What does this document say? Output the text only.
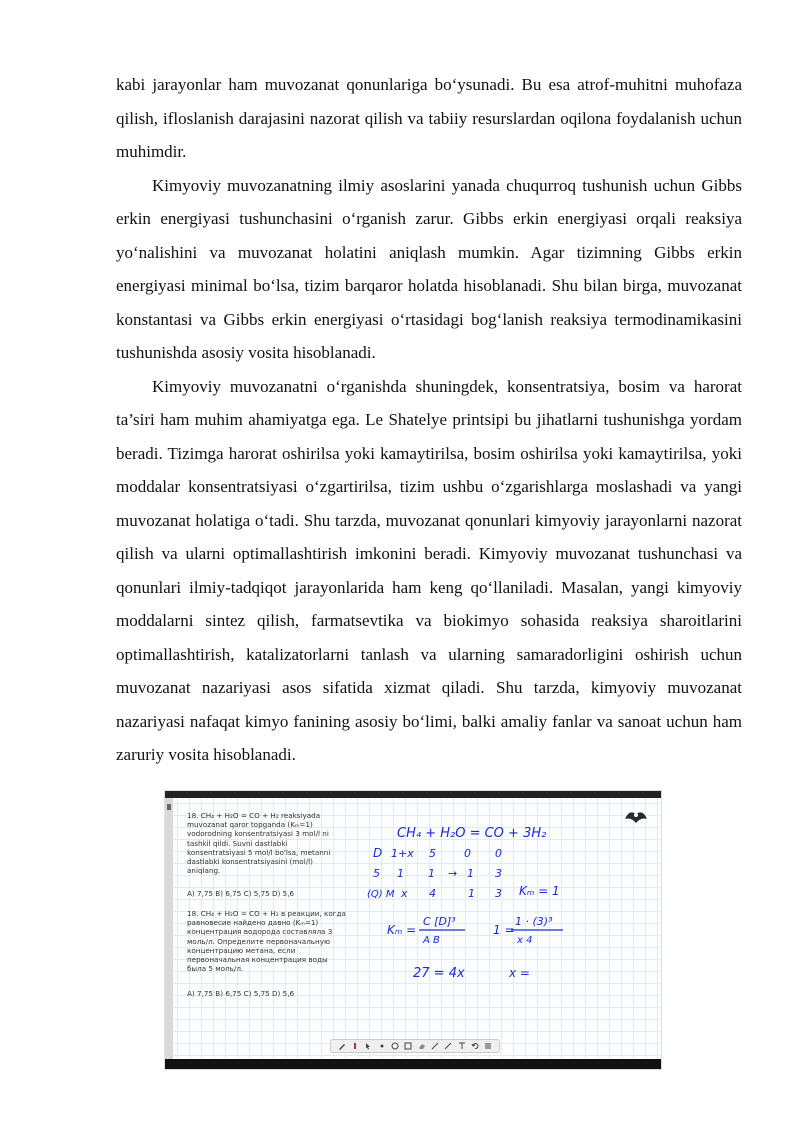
kabi jarayonlar ham muvozanat qonunlariga bo‘ysunadi. Bu esa atrof-muhitni muhofaza qilish, ifloslanish darajasini nazorat qilish va tabiiy resurslardan oqilona foydalanish uchun muhimdir.

Kimyoviy muvozanatning ilmiy asoslarini yanada chuqurroq tushunish uchun Gibbs erkin energiyasi tushunchasini o‘rganish zarur. Gibbs erkin energiyasi orqali reaksiya yo‘nalishini va muvozanat holatini aniqlash mumkin. Agar tizimning Gibbs erkin energiyasi minimal bo‘lsa, tizim barqaror holatda hisoblanadi. Shu bilan birga, muvozanat konstantasi va Gibbs erkin energiyasi o‘rtasidagi bog‘lanish reaksiya termodinamikasini tushunishda asosiy vosita hisoblanadi.

Kimyoviy muvozanatni o‘rganishda shuningdek, konsentratsiya, bosim va harorat ta’siri ham muhim ahamiyatga ega. Le Shatelye printsipi bu jihatlarni tushunishga yordam beradi. Tizimga harorat oshirilsa yoki kamaytirilsa, bosim oshirilsa yoki kamaytirilsa, yoki moddalar konsentratsiyasi o‘zgartirilsa, tizim ushbu o‘zgarishlarga moslashadi va yangi muvozanat holatiga o‘tadi. Shu tarzda, muvozanat qonunlari kimyoviy jarayonlarni nazorat qilish va ularni optimallashtirish imkonini beradi. Kimyoviy muvozanat tushunchasi va qonunlari ilmiy-tadqiqot jarayonlarida ham keng qo‘llaniladi. Masalan, yangi kimyoviy moddalarni sintez qilish, farmatsevtika va biokimyo sohasida reaksiya sharoitlarini optimallashtirish, katalizatorlarni tanlash va ularning samaradorligini oshirish uchun muvozanat nazariyasi asos sifatida xizmat qiladi. Shu tarzda, kimyoviy muvozanat nazariyasi nafaqat kimyo fanining asosiy bo‘limi, balki amaliy fanlar va sanoat uchun ham zaruriy vosita hisoblanadi.

18. CH₄ + H₂O = CO + H₂ reaksiyada
muvozanat qaror topganda (Kₘ=1)
vodorodning konsentratsiyasi 3 mol/l ni
tashkil qildi. Suvni dastlabki
konsentratsiyasi 5 mol/l bo'lsa, metanni
dastlabki konsentratsiyasini (mol/l)
aniqlang.
A) 7,75 B) 6,75 C) 5,75 D) 5,6
18. CH₄ + H₂O = CO + H₂ в реакции, когда
равновесие найдено давно (Kₘ=1)
концентрация водорода составляла 3
моль/л. Определите первоначальную
концентрацию метана, если
первоначальная концентрация воды
была 5 моль/л.
A) 7,75 B) 6,75 C) 5,75 D) 5,6
CH₄ + H₂O = CO + 3H₂
D 1+x 5	0 0
5 1 1 → 1 3
(Q) M x 4	1 3 Kₘ = 1
Kₘ =
C [D]³
A B
1 =
1 · (3)³
x 4
27 = 4x	x =
